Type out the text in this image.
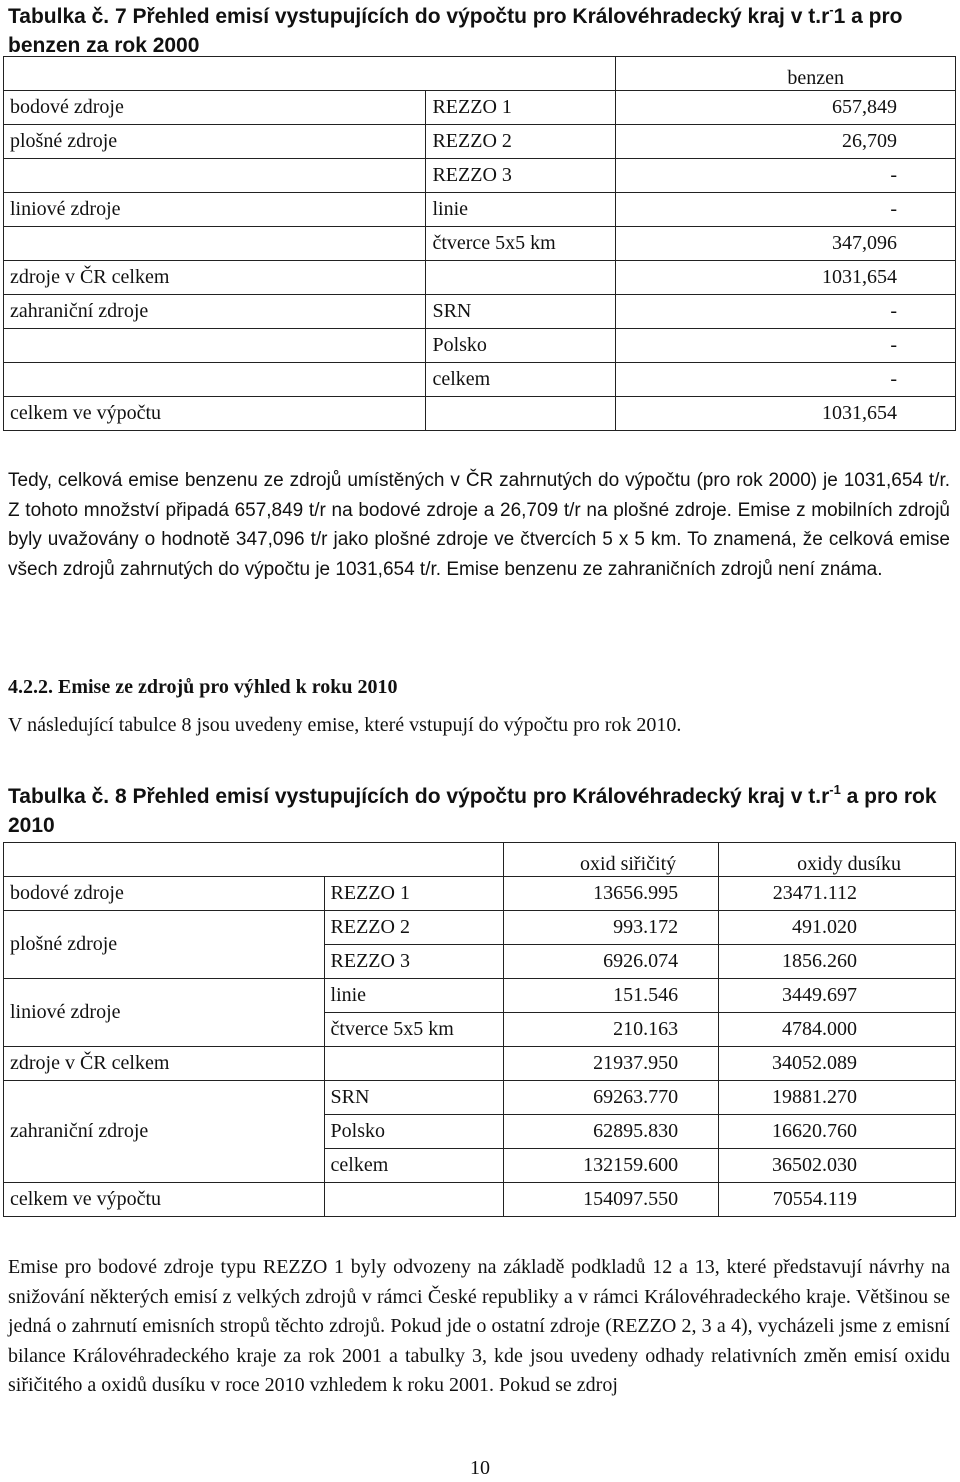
Tabulka č. 7 Přehled emisí vystupujících do výpočtu pro Královéhradecký kraj v t.r-1 a pro benzen za rok 2000
		benzen
bodové zdroje	REZZO 1	657,849
plošné zdroje	REZZO 2	26,709
	REZZO 3	-
liniové zdroje	linie	-
	čtverce 5x5 km	347,096
zdroje v ČR celkem		1031,654
zahraniční zdroje	SRN	-
	Polsko	-
	celkem	-
celkem ve výpočtu		1031,654
Tedy, celková emise benzenu ze zdrojů umístěných v ČR zahrnutých do výpočtu (pro rok 2000) je 1031,654 t/r. Z tohoto množství připadá 657,849 t/r na bodové zdroje a 26,709 t/r na plošné zdroje. Emise z mobilních zdrojů byly uvažovány o hodnotě 347,096 t/r jako plošné zdroje ve čtvercích 5 x 5 km. To znamená, že celková emise všech zdrojů zahrnutých do výpočtu je 1031,654 t/r. Emise benzenu ze zahraničních zdrojů není známa.
4.2.2. Emise ze zdrojů pro výhled k roku 2010
V následující tabulce 8 jsou uvedeny emise, které vstupují do výpočtu pro rok 2010.
Tabulka č. 8 Přehled emisí vystupujících do výpočtu pro Královéhradecký kraj v $t.r^{-1}$ a pro rok 2010
		oxid siřičitý	oxidy dusíku
bodové zdroje	REZZO 1	13656.995	23471.112
plošné zdroje	REZZO 2	993.172	491.020
	REZZO 3	6926.074	1856.260
liniové zdroje	linie	151.546	3449.697
	čtverce 5x5 km	210.163	4784.000
zdroje v ČR celkem		21937.950	34052.089
zahraniční zdroje	SRN	69263.770	19881.270
	Polsko	62895.830	16620.760
	celkem	132159.600	36502.030
celkem ve výpočtu		154097.550	70554.119
Emise pro bodové zdroje typu REZZO 1 byly odvozeny na základě podkladů 12 a 13, které představují návrhy na snižování některých emisí z velkých zdrojů v rámci České republiky a v rámci Královéhradeckého kraje. Většinou se jedná o zahrnutí emisních stropů těchto zdrojů. Pokud jde o ostatní zdroje (REZZO 2, 3 a 4), vycházeli jsme z emisní bilance Královéhradeckého kraje za rok 2001 a tabulky 3, kde jsou uvedeny odhady relativních změn emisí oxidu siřičitého a oxidů dusíku v roce 2010 vzhledem k roku 2001. Pokud se zdroj
10
